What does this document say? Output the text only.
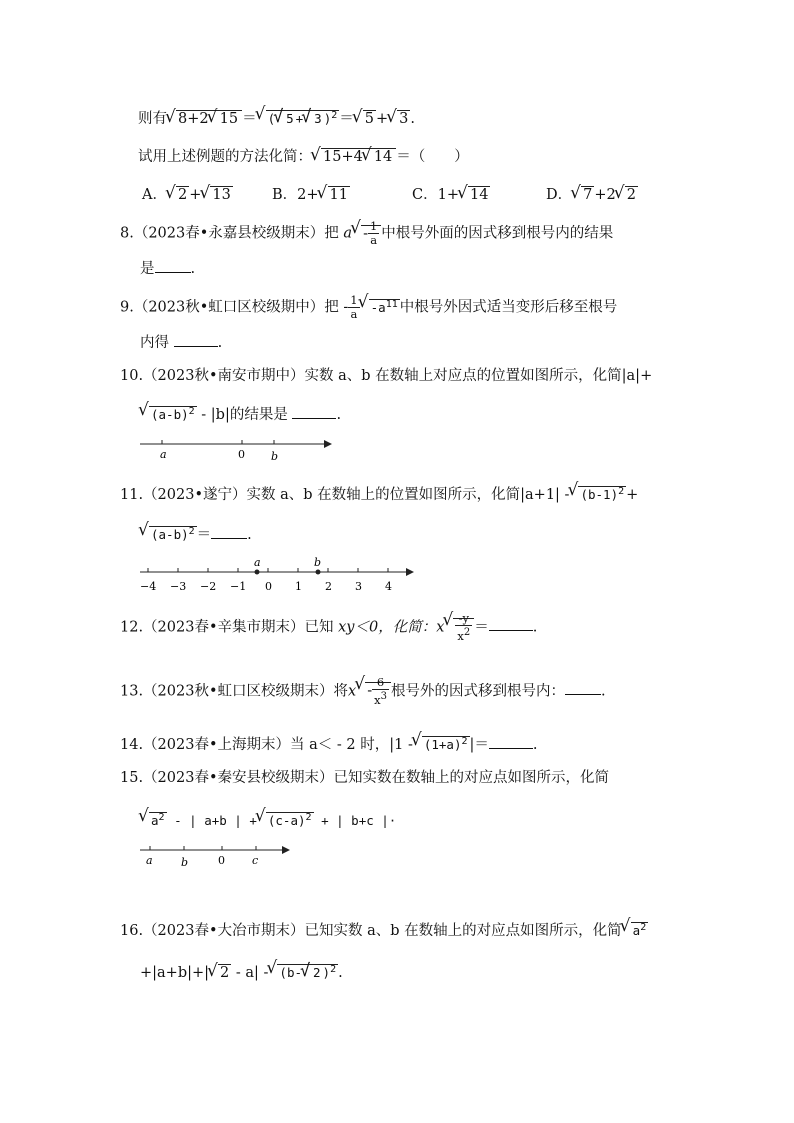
则有√ 8+2√ 15 ＝√ (√ 5 +√ 3 )$^2$ ＝√ 5 +√ 3 .
试用上述例题的方法化简：√ 15+4√ 14 ＝（　　）
A．√ 2 +√ 13	B．2+√ 11	C．1+√ 14	D．√ 7 +2√ 2
8.（2023春•永嘉县校级期末）把 $a√ - \frac{1}{a}$ 中根号外面的因式移到根号内的结果
是 .
9.（2023秋•虹口区校级期中）把 - $\frac{1}{a}$
√ $-a^{11}$ 中根号外因式适当变形后移至根号
内得	.
10.（2023秋•南安市期中）实数 a、b 在数轴上对应点的位置如图所示，化简|a|+
√ $(a-b)^2 - |b|$的结果是	.
a	0 b
11.（2023•遂宁）实数 a、b 在数轴上的位置如图所示，化简|a+1| -√ $(b-1)^2$ +
√ $(a-b)^2$ ＝ .
a	b
−4 −3 −2 −1 0 1 2 3 4
12.（2023春•辛集市期末）已知 xy＜0，化简：x
√ $\frac{-y}{x^2}$ ＝	.
13.（2023秋•虹口区校级期末）将$x√ - \frac{6}{x^3}$ 根号外的因式移到根号内： .
14.（2023春•上海期末）当 a＜ - 2 时，|1 -√ $(1+a)^2$ |＝	.
15.（2023春•秦安县校级期末）已知实数在数轴上的对应点如图所示，化简
√ $a^2$ - | a+b | +√ $(c-a)^2$ + | b+c |·
a	b	0 c
16.（2023春•大冶市期末）已知实数 a、b 在数轴上的对应点如图所示，化简√ $a^2$
+|a+b|+|√ 2 - a| -√ (b-√ 2 )$^2$ .
